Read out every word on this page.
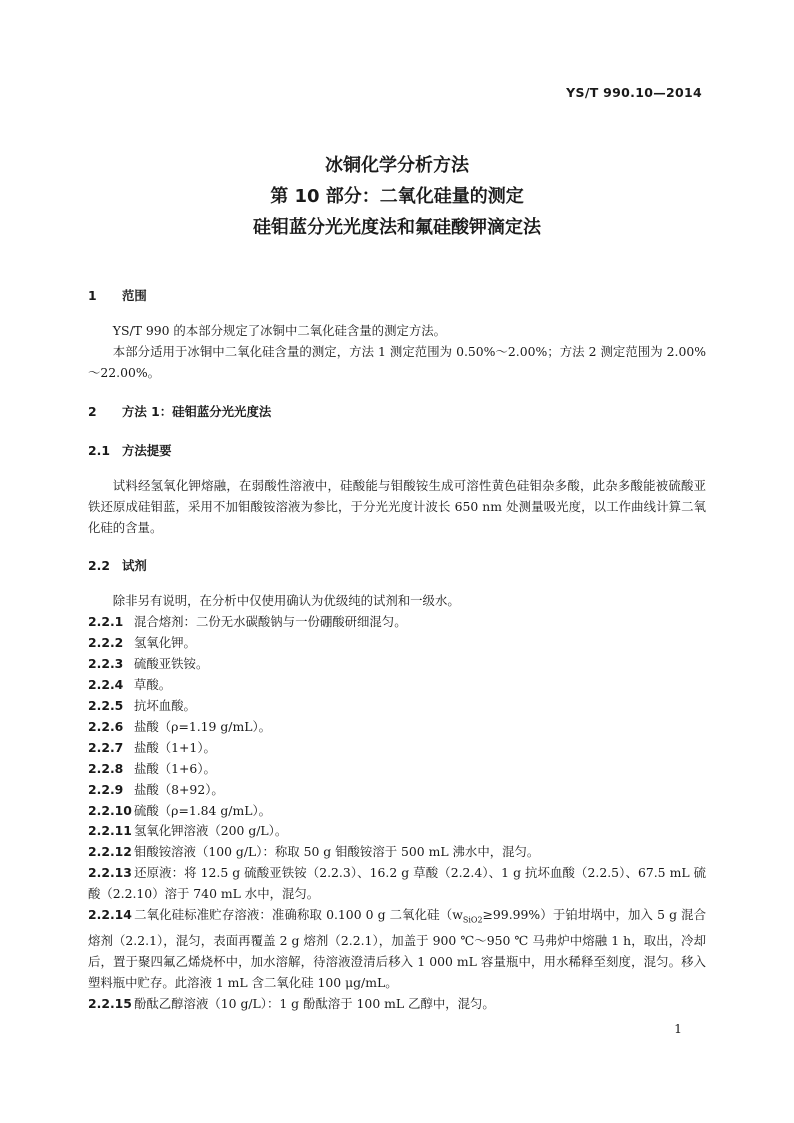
YS/T 990.10—2014
冰铜化学分析方法
第 10 部分：二氧化硅量的测定
硅钼蓝分光光度法和氟硅酸钾滴定法

1 范围

YS/T 990 的本部分规定了冰铜中二氧化硅含量的测定方法。

本部分适用于冰铜中二氧化硅含量的测定，方法 1 测定范围为 0.50%～2.00%；方法 2 测定范围为 2.00%～22.00%。

2 方法 1：硅钼蓝分光光度法

2.1 方法提要

试料经氢氧化钾熔融，在弱酸性溶液中，硅酸能与钼酸铵生成可溶性黄色硅钼杂多酸，此杂多酸能被硫酸亚铁还原成硅钼蓝，采用不加钼酸铵溶液为参比，于分光光度计波长 650 nm 处测量吸光度，以工作曲线计算二氧化硅的含量。

2.2 试剂

除非另有说明，在分析中仅使用确认为优级纯的试剂和一级水。

2.2.1 混合熔剂：二份无水碳酸钠与一份硼酸研细混匀。

2.2.2 氢氧化钾。

2.2.3 硫酸亚铁铵。

2.2.4 草酸。

2.2.5 抗坏血酸。

2.2.6 盐酸（ρ=1.19 g/mL）。

2.2.7 盐酸（1+1）。

2.2.8 盐酸（1+6）。

2.2.9 盐酸（8+92）。

2.2.10 硫酸（ρ=1.84 g/mL）。

2.2.11 氢氧化钾溶液（200 g/L）。

2.2.12 钼酸铵溶液（100 g/L）：称取 50 g 钼酸铵溶于 500 mL 沸水中，混匀。

2.2.13 还原液：将 12.5 g 硫酸亚铁铵（2.2.3）、16.2 g 草酸（2.2.4）、1 g 抗坏血酸（2.2.5）、67.5 mL 硫酸（2.2.10）溶于 740 mL 水中，混匀。

2.2.14 二氧化硅标准贮存溶液：准确称取 0.100 0 g 二氧化硅$(w_{SiO2}\ge 99.99\%)$于铂坩埚中，加入 5 g 混合熔剂（2.2.1），混匀，表面再覆盖 2 g 熔剂（2.2.1），加盖于 900 ℃～950 ℃ 马弗炉中熔融 1 h，取出，冷却后，置于聚四氟乙烯烧杯中，加水溶解，待溶液澄清后移入 1 000 mL 容量瓶中，用水稀释至刻度，混匀。移入塑料瓶中贮存。此溶液 1 mL 含二氧化硅 100 μg/mL。

2.2.15 酚酞乙醇溶液（10 g/L）：1 g 酚酞溶于 100 mL 乙醇中，混匀。

1
